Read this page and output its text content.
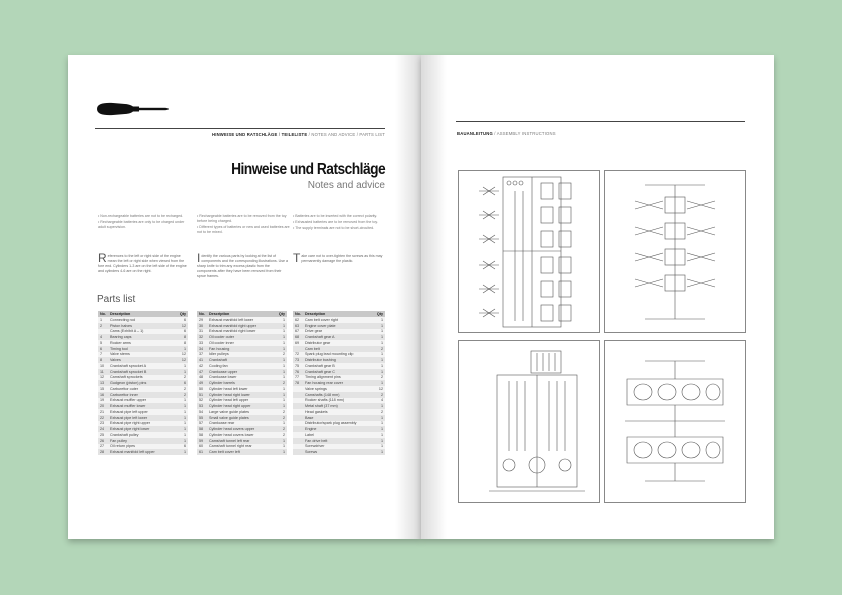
HINWEISE UND RATSCHLÄGE / TEILELISTE / NOTES AND ADVICE / PARTS LIST
Hinweise und Ratschläge
Notes and advice
• Non-rechargeable batteries are not to be recharged.
• Rechargeable batteries are only to be charged under adult supervision.
• Rechargeable batteries are to be removed from the toy before being charged.
• Different types of batteries or new and used batteries are not to be mixed.
• Batteries are to be inserted with the correct polarity.
• Exhausted batteries are to be removed from the toy.
• The supply terminals are not to be short-circuited.
References to the left or right side of the engine mean the left or right side when viewed from the fore end. Cylinders 1-3 are on the left side of the engine and cylinders 4-6 are on the right.
Identify the various parts by looking at the list of components and the corresponding illustrations. Use a sharp knife to trim any excess plastic from the components after they have been removed from their sprue frames.
Take care not to over-tighten the screws as this may permanently damage the plastic.
Parts list
No.	Description	Qty
1	Connecting rod	6
2	Piston halves	12
	Cams (Exhibit A – 1)	6
4	Bearing caps	8
5	Rocker arms	8
6	Timing tool	1
7	Valve stems	12
8	Valves	12
10	Crankshaft sprocket A	1
11	Crankshaft sprocket B	1
12	Camshaft sprockets	2
13	Gudgeon (piston) pins	6
15	Carburettor outer	2
16	Carburettor inner	2
19	Exhaust muffler upper	1
20	Exhaust muffler lower	1
21	Exhaust pipe left upper	1
22	Exhaust pipe left lower	1
23	Exhaust pipe right upper	1
24	Exhaust pipe right lower	1
25	Crankshaft pulley	1
26	Fan pulley	1
27	Oil return pipes	6
28	Exhaust manifold left upper	1
No.	Description	Qty
29	Exhaust manifold left lower	1
30	Exhaust manifold right upper	1
31	Exhaust manifold right lower	1
32	Oil cooler outer	1
33	Oil cooler inner	1
34	Fan housing	1
37	Idler pulleys	2
41	Crankshaft	1
42	Cooling fan	1
47	Crankcase upper	1
48	Crankcase lower	1
49	Cylinder barrels	2
50	Cylinder head left lower	1
51	Cylinder head right lower	1
52	Cylinder head left upper	1
53	Cylinder head right upper	1
54	Large valve guide plates	2
55	Small valve guide plates	2
57	Crankcase rear	1
58	Cylinder head covers upper	2
58	Cylinder head covers lower	2
59	Camshaft tunnel left rear	1
60	Camshaft tunnel right rear	1
61	Cam belt cover left	1
No.	Description	Qty
62	Cam belt cover right	1
63	Engine cover plate	1
67	Drive gear	1
68	Crankshaft gear A	1
69	Distributor gear	1
	Cam belt	2
72	Spark plug lead mounting clip	1
73	Distributor bushing	1
75	Crankshaft gear B	1
76	Crankshaft gear C	1
77	Timing alignment pins	2
78	Fan housing rear cover	1
	Valve springs	12
	Camshafts (148 mm)	2
	Rocker shafts (118 mm)	4
	Metal shaft (37 mm)	1
	Head gaskets	2
	Base	1
	Distributor/spark plug assembly	1
	Engine	1
	Label	1
	Fan drive belt	1
	Screwdriver	1
	Screws	1
BAUANLEITUNG / ASSEMBLY INSTRUCTIONS
